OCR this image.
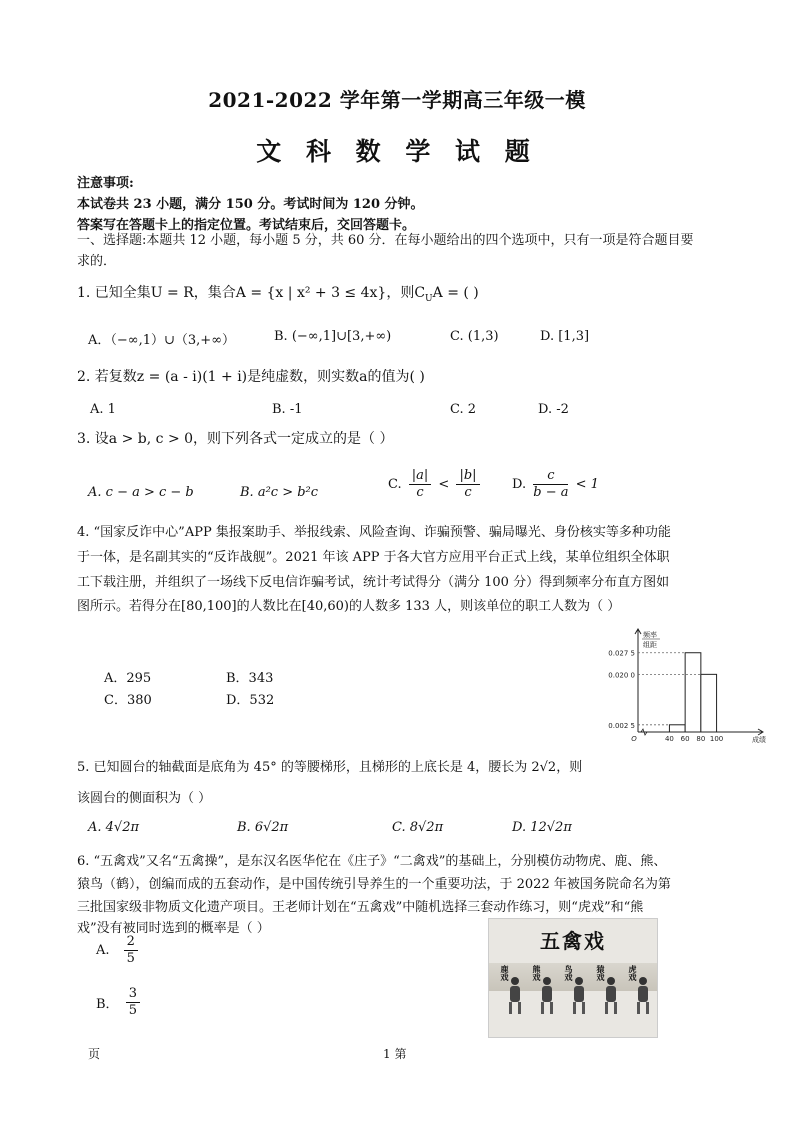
2021-2022 学年第一学期高三年级一模
文 科 数 学 试 题
注意事项:
本试卷共 23 小题，满分 150 分。考试时间为 120 分钟。
答案写在答题卡上的指定位置。考试结束后，交回答题卡。
一、选择题:本题共 12 小题，每小题 5 分，共 60 分．在每小题给出的四个选项中，只有一项是符合题目要
求的．
1. 已知全集U = R，集合A = {x | x² + 3 ≤ 4x}，则$C_UA$ = ( )
A．（−∞,1）∪（3,+∞）	B. (−∞,1]∪[3,+∞)	C. (1,3)	D. [1,3]
2. 若复数z = (a - i)(1 + i)是纯虚数，则实数a的值为( )
A. 1	B. -1	C. 2	D. -2
3. 设a > b, c > 0，则下列各式一定成立的是（ ）
A. c − a > c − b	B. a²c > b²c
C. $\frac{|a|}{c} < \frac{|b|}{c} D$. $\frac{c}{b - a} < 1$
4. “国家反诈中心”APP 集报案助手、举报线索、风险查询、诈骗预警、骗局曝光、身份核实等多种功能
于一体，是名副其实的“反诈战舰”。2021 年该 APP 于各大官方应用平台正式上线，某单位组织全体职
工下载注册，并组织了一场线下反电信诈骗考试，统计考试得分（满分 100 分）得到频率分布直方图如
图所示。若得分在[80,100]的人数比在[40,60)的人数多 133 人，则该单位的职工人数为（ ）
A．295	B．343
C．380	D．532
0.027 5
0.020 0
0.002 5
O	40 60 80 100
频率
组距
成绩
5. 已知圆台的轴截面是底角为 45° 的等腰梯形，且梯形的上底长是 4，腰长为 2√2，则
该圆台的侧面积为（ ）
A. 4√2π	B. 6√2π	C. 8√2π	D. 12√2π
6. “五禽戏”又名“五禽操”，是东汉名医华佗在《庄子》“二禽戏”的基础上，分别模仿动物虎、鹿、熊、
猿鸟（鹤），创编而成的五套动作，是中国传统引导养生的一个重要功法，于 2022 年被国务院命名为第
三批国家级非物质文化遗产项目。王老师计划在“五禽戏”中随机选择三套动作练习，则“虎戏”和“熊
戏”没有被同时选到的概率是（ ）
A. $\frac{2}{5}$
B． $\frac{3}{5}$
五禽戏
鹿戏	熊戏	鸟戏	猿戏	虎戏
页	1 第
